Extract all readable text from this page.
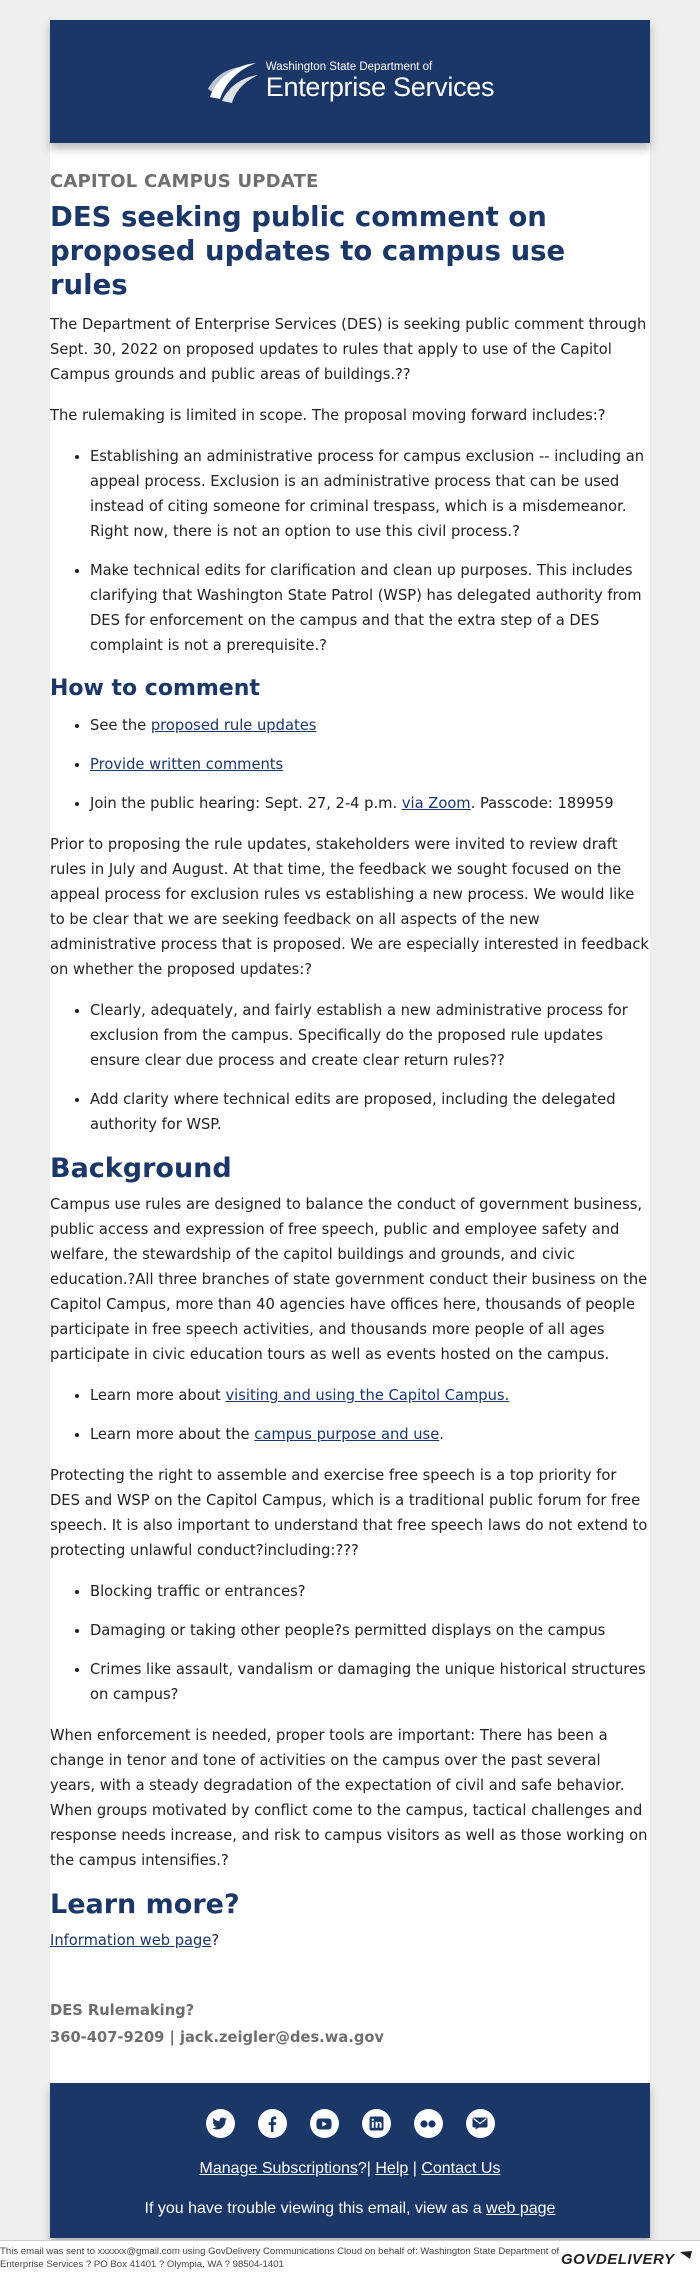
Washington State Department of
Enterprise Services
CAPITOL CAMPUS UPDATE
DES seeking public comment on proposed updates to campus use rules

The Department of Enterprise Services (DES) is seeking public comment through Sept. 30, 2022 on proposed updates to rules that apply to use of the Capitol Campus grounds and public areas of buildings.??

The rulemaking is limited in scope. The proposal moving forward includes:?

• Establishing an administrative process for campus exclusion -- including an appeal process. Exclusion is an administrative process that can be used instead of citing someone for criminal trespass, which is a misdemeanor. Right now, there is not an option to use this civil process.?
• Make technical edits for clarification and clean up purposes. This includes clarifying that Washington State Patrol (WSP) has delegated authority from DES for enforcement on the campus and that the extra step of a DES complaint is not a prerequisite.?
How to comment
• See the proposed rule updates
• Provide written comments
• Join the public hearing: Sept. 27, 2-4 p.m. via Zoom. Passcode: 189959

Prior to proposing the rule updates, stakeholders were invited to review draft rules in July and August. At that time, the feedback we sought focused on the appeal process for exclusion rules vs establishing a new process. We would like to be clear that we are seeking feedback on all aspects of the new administrative process that is proposed. We are especially interested in feedback on whether the proposed updates:?

• Clearly, adequately, and fairly establish a new administrative process for exclusion from the campus. Specifically do the proposed rule updates ensure clear due process and create clear return rules??
• Add clarity where technical edits are proposed, including the delegated authority for WSP.
Background

Campus use rules are designed to balance the conduct of government business, public access and expression of free speech, public and employee safety and welfare, the stewardship of the capitol buildings and grounds, and civic education.?All three branches of state government conduct their business on the Capitol Campus, more than 40 agencies have offices here, thousands of people participate in free speech activities, and thousands more people of all ages participate in civic education tours as well as events hosted on the campus.

• Learn more about visiting and using the Capitol Campus.
• Learn more about the campus purpose and use.

Protecting the right to assemble and exercise free speech is a top priority for DES and WSP on the Capitol Campus, which is a traditional public forum for free speech. It is also important to understand that free speech laws do not extend to protecting unlawful conduct?including:???

• Blocking traffic or entrances?
• Damaging or taking other people?s permitted displays on the campus
• Crimes like assault, vandalism or damaging the unique historical structures on campus?

When enforcement is needed, proper tools are important: There has been a change in tenor and tone of activities on the campus over the past several years, with a steady degradation of the expectation of civil and safe behavior. When groups motivated by conflict come to the campus, tactical challenges and response needs increase, and risk to campus visitors as well as those working on the campus intensifies.?

Learn more?

Information web page?

DES Rulemaking?
360-407-9209 | jack.zeigler@des.wa.gov
Manage Subscriptions?| Help | Contact Us
If you have trouble viewing this email, view as a web page
This email was sent to xxxxxx@gmail.com using GovDelivery Communications Cloud on behalf of: Washington State Department of Enterprise Services ? PO Box 41401 ? Olympia, WA ? 98504-1401	GOVDELIVERY
